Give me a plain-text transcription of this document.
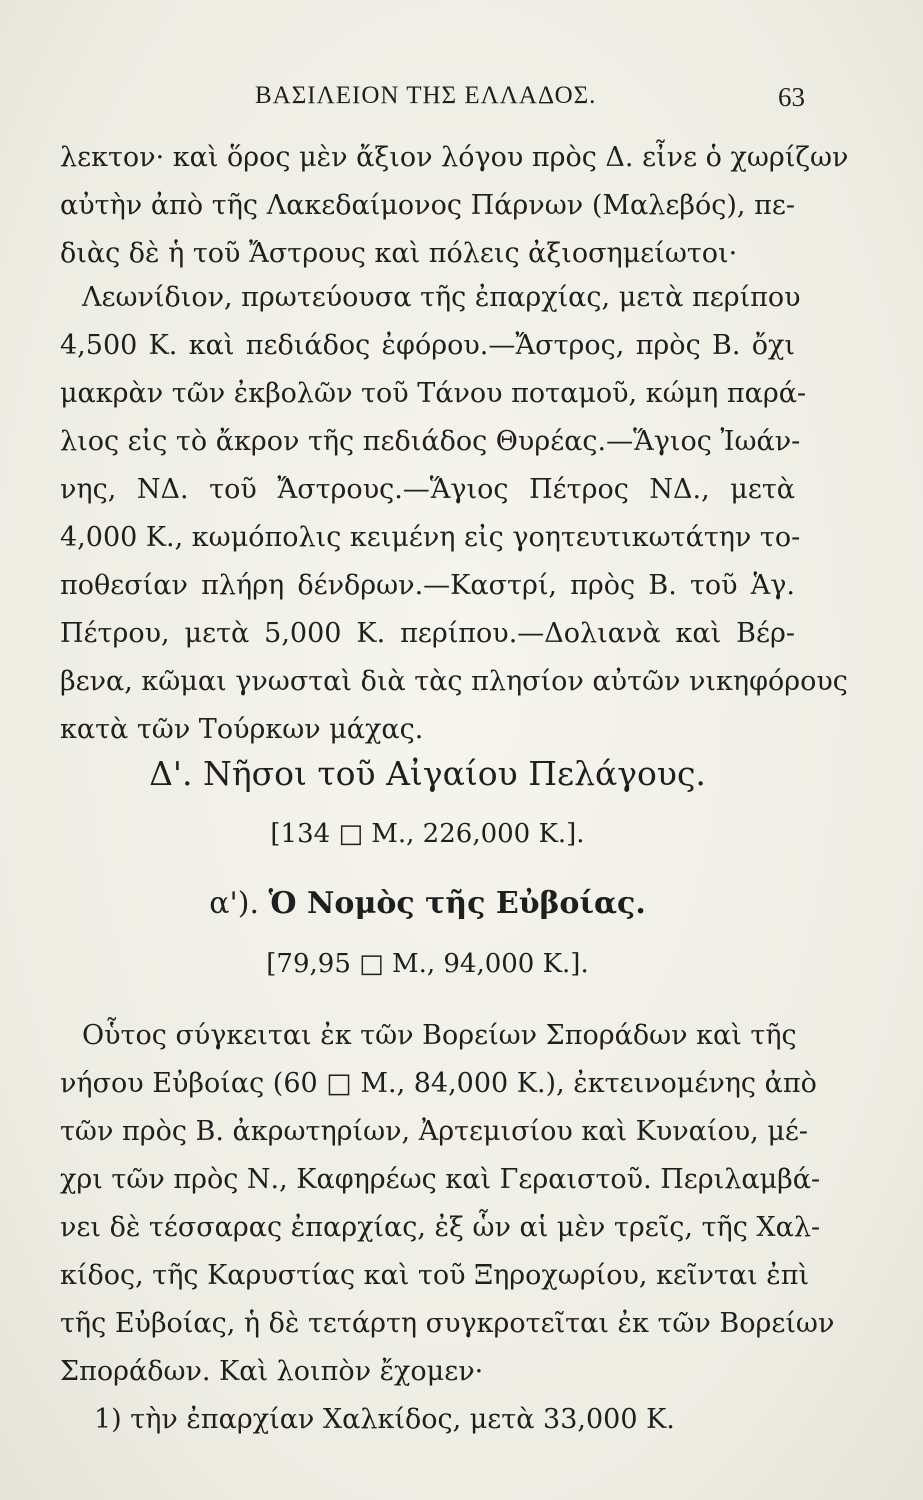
ΒΑΣΙΛΕΙΟΝ ΤΗΣ ΕΛΛΑΔΟΣ.	63
λεκτον· καὶ ὅρος μὲν ἄξιον λόγου πρὸς Δ. εἶνε ὁ χωρίζων
αὐτὴν ἀπὸ τῆς Λακεδαίμονος Πάρνων (Μαλεβός), πε-
διὰς δὲ ἡ τοῦ Ἄστρους καὶ πόλεις ἀξιοσημείωτοι·
Λεωνίδιον, πρωτεύουσα τῆς ἐπαρχίας, μετὰ περίπου
4,500 Κ. καὶ πεδιάδος ἐφόρου.—Ἄστρος, πρὸς Β. ὄχι
μακρὰν τῶν ἐκβολῶν τοῦ Τάνου ποταμοῦ, κώμη παρά-
λιος εἰς τὸ ἄκρον τῆς πεδιάδος Θυρέας.—Ἅγιος Ἰωάν-
νης, ΝΔ. τοῦ Ἄστρους.—Ἅγιος Πέτρος ΝΔ., μετὰ
4,000 Κ., κωμόπολις κειμένη εἰς γοητευτικωτάτην το-
ποθεσίαν πλήρη δένδρων.—Καστρί, πρὸς Β. τοῦ Ἁγ.
Πέτρου, μετὰ 5,000 Κ. περίπου.—Δολιανὰ καὶ Βέρ-
βενα, κῶμαι γνωσταὶ διὰ τὰς πλησίον αὐτῶν νικηφόρους
κατὰ τῶν Τούρκων μάχας.
Δ'. Νῆσοι τοῦ Αἰγαίου Πελάγους.
[134 □ Μ., 226,000 Κ.].
α'). Ὁ Νομὸς τῆς Εὐβοίας.
[79,95 □ Μ., 94,000 Κ.].
Οὗτος σύγκειται ἐκ τῶν Βορείων Σποράδων καὶ τῆς
νήσου Εὐβοίας (60 □ Μ., 84,000 Κ.), ἐκτεινομένης ἀπὸ
τῶν πρὸς Β. ἀκρωτηρίων, Ἀρτεμισίου καὶ Κυναίου, μέ-
χρι τῶν πρὸς Ν., Καφηρέως καὶ Γεραιστοῦ. Περιλαμβά-
νει δὲ τέσσαρας ἐπαρχίας, ἐξ ὧν αἱ μὲν τρεῖς, τῆς Χαλ-
κίδος, τῆς Καρυστίας καὶ τοῦ Ξηροχωρίου, κεῖνται ἐπὶ
τῆς Εὐβοίας, ἡ δὲ τετάρτη συγκροτεῖται ἐκ τῶν Βορείων
Σποράδων. Καὶ λοιπὸν ἔχομεν·
1) τὴν ἐπαρχίαν Χαλκίδος, μετὰ 33,000 Κ.
